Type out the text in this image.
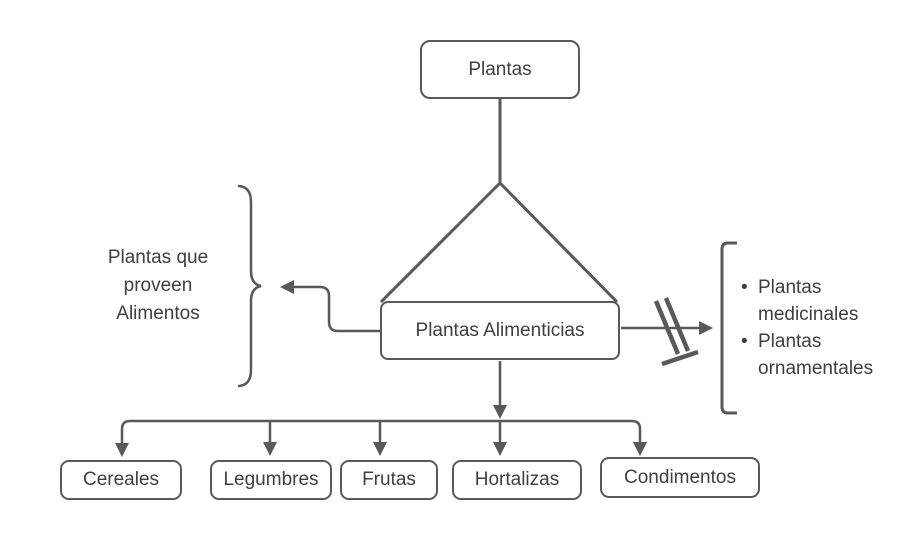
Plantas
Plantas Alimenticias
Cereales	Legumbres Frutas	Hortalizas	Condimentos
Plantas que
proveen
Alimentos
• Plantas medicinales
• Plantas ornamentales
